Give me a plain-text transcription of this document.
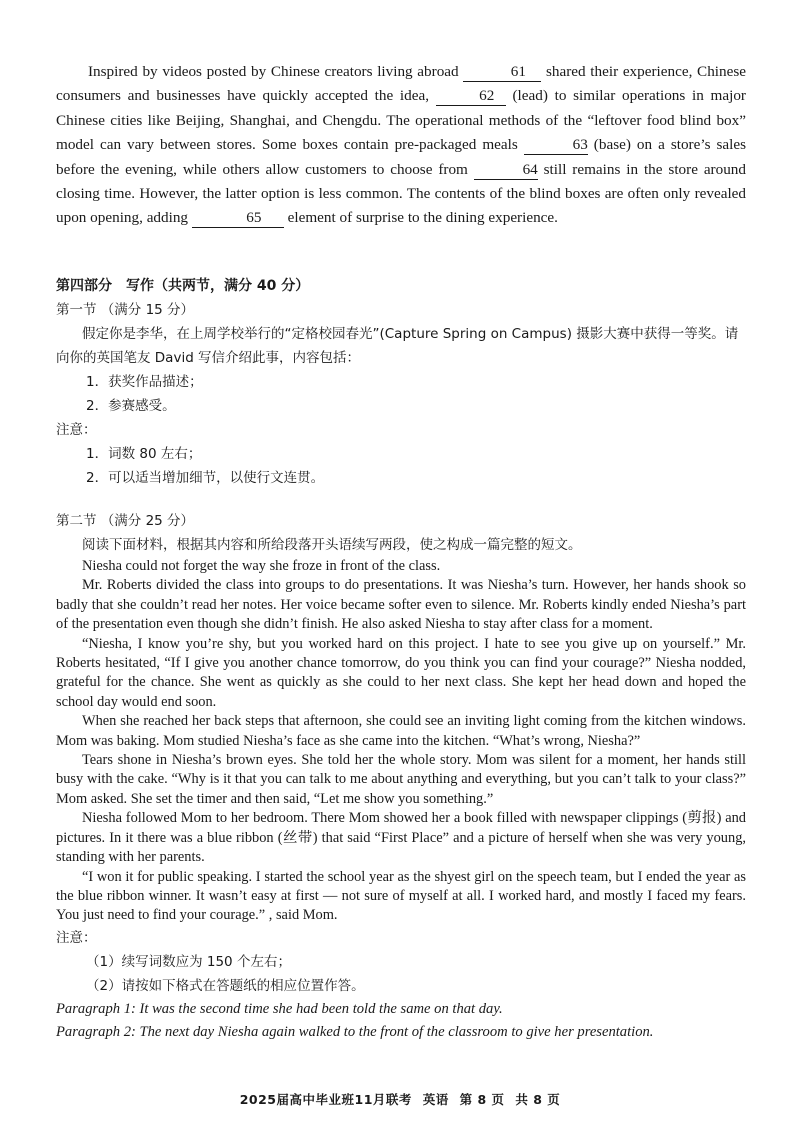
Inspired by videos posted by Chinese creators living abroad	61 shared their experience, Chinese consumers and businesses have quickly accepted the idea,	62 (lead) to similar operations in major Chinese cities like Beijing, Shanghai, and Chengdu. The operational methods of the “leftover food blind box” model can vary between stores. Some boxes contain pre-packaged meals	63 (base) on a store’s sales before the evening, while others allow customers to choose from	64 still remains in the store around closing time. However, the latter option is less common. The contents of the blind boxes are often only revealed upon opening, adding	65 element of surprise to the dining experience.

第四部分　写作（共两节，满分 40 分）
第一节 （满分 15 分）
假定你是李华，在上周学校举行的“定格校园春光”(Capture Spring on Campus) 摄影大赛中获得一等奖。请向你的英国笔友 David 写信介绍此事，内容包括：
1．获奖作品描述；
2．参赛感受。
注意：
1．词数 80 左右；
2．可以适当增加细节，以使行文连贯。
第二节 （满分 25 分）
阅读下面材料，根据其内容和所给段落开头语续写两段，使之构成一篇完整的短文。

Niesha could not forget the way she froze in front of the class.

Mr. Roberts divided the class into groups to do presentations. It was Niesha’s turn. However, her hands shook so badly that she couldn’t read her notes. Her voice became softer even to silence. Mr. Roberts kindly ended Niesha’s part of the presentation even though she didn’t finish. He also asked Niesha to stay after class for a moment.

“Niesha, I know you’re shy, but you worked hard on this project. I hate to see you give up on yourself.” Mr. Roberts hesitated, “If I give you another chance tomorrow, do you think you can find your courage?” Niesha nodded, grateful for the chance. She went as quickly as she could to her next class. She kept her head down and hoped the school day would end soon.

When she reached her back steps that afternoon, she could see an inviting light coming from the kitchen windows. Mom was baking. Mom studied Niesha’s face as she came into the kitchen. “What’s wrong, Niesha?”

Tears shone in Niesha’s brown eyes. She told her the whole story. Mom was silent for a moment, her hands still busy with the cake. “Why is it that you can talk to me about anything and everything, but you can’t talk to your class?” Mom asked. She set the timer and then said, “Let me show you something.”

Niesha followed Mom to her bedroom. There Mom showed her a book filled with newspaper clippings (剪报) and pictures. In it there was a blue ribbon (丝带) that said “First Place” and a picture of herself when she was very young, standing with her parents.

“I won it for public speaking. I started the school year as the shyest girl on the speech team, but I ended the year as the blue ribbon winner. It wasn’t easy at first — not sure of myself at all. I worked hard, and mostly I faced my fears. You just need to find your courage.” , said Mom.

注意：
（1）续写词数应为 150 个左右；
（2）请按如下格式在答题纸的相应位置作答。
Paragraph 1: It was the second time she had been told the same on that day.
Paragraph 2: The next day Niesha again walked to the front of the classroom to give her presentation.
2025届高中毕业班11月联考 英语 第 8 页 共 8 页
